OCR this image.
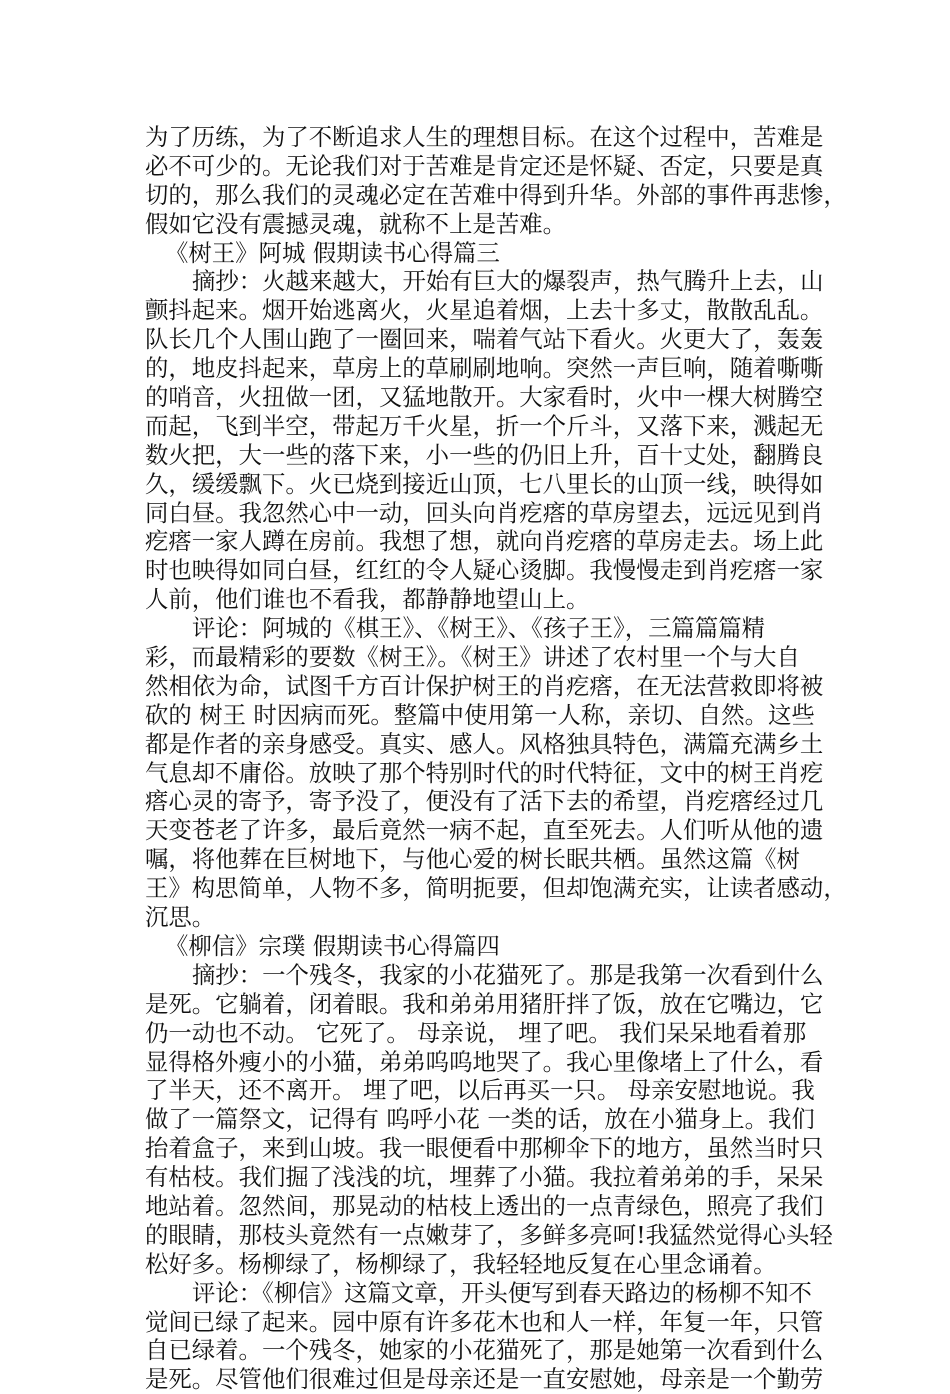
为了历练，为了不断追求人生的理想目标。在这个过程中，苦难是
必不可少的。无论我们对于苦难是肯定还是怀疑、否定，只要是真
切的，那么我们的灵魂必定在苦难中得到升华。外部的事件再悲惨，
假如它没有震撼灵魂，就称不上是苦难。
《树王》阿城 假期读书心得篇三
摘抄：火越来越大，开始有巨大的爆裂声，热气腾升上去，山
颤抖起来。烟开始逃离火，火星追着烟，上去十多丈，散散乱乱。
队长几个人围山跑了一圈回来，喘着气站下看火。火更大了，轰轰
的，地皮抖起来，草房上的草刷刷地响。突然一声巨响，随着嘶嘶
的哨音，火扭做一团，又猛地散开。大家看时，火中一棵大树腾空
而起，飞到半空，带起万千火星，折一个斤斗，又落下来，溅起无
数火把，大一些的落下来，小一些的仍旧上升，百十丈处，翻腾良
久，缓缓飘下。火已烧到接近山顶，七八里长的山顶一线，映得如
同白昼。我忽然心中一动，回头向肖疙瘩的草房望去，远远见到肖
疙瘩一家人蹲在房前。我想了想，就向肖疙瘩的草房走去。场上此
时也映得如同白昼，红红的令人疑心烫脚。我慢慢走到肖疙瘩一家
人前，他们谁也不看我，都静静地望山上。
评论：阿城的《棋王》、《树王》、《孩子王》，三篇篇篇精
彩，而最精彩的要数《树王》。《树王》讲述了农村里一个与大自
然相依为命，试图千方百计保护树王的肖疙瘩，在无法营救即将被
砍的 树王 时因病而死。整篇中使用第一人称，亲切、自然。这些
都是作者的亲身感受。真实、感人。风格独具特色，满篇充满乡土
气息却不庸俗。放映了那个特别时代的时代特征，文中的树王肖疙
瘩心灵的寄予，寄予没了，便没有了活下去的希望，肖疙瘩经过几
天变苍老了许多，最后竟然一病不起，直至死去。人们听从他的遗
嘱，将他葬在巨树地下，与他心爱的树长眠共栖。虽然这篇《树
王》构思简单，人物不多，简明扼要，但却饱满充实，让读者感动，
沉思。
《柳信》宗璞 假期读书心得篇四
摘抄：一个残冬，我家的小花猫死了。那是我第一次看到什么
是死。它躺着，闭着眼。我和弟弟用猪肝拌了饭，放在它嘴边，它
仍一动也不动。 它死了。 母亲说， 埋了吧。 我们呆呆地看着那
显得格外瘦小的小猫，弟弟呜呜地哭了。我心里像堵上了什么，看
了半天，还不离开。 埋了吧，以后再买一只。 母亲安慰地说。我
做了一篇祭文，记得有 呜呼小花 一类的话，放在小猫身上。我们
抬着盒子，来到山坡。我一眼便看中那柳伞下的地方，虽然当时只
有枯枝。我们掘了浅浅的坑，埋葬了小猫。我拉着弟弟的手，呆呆
地站着。忽然间，那晃动的枯枝上透出的一点青绿色，照亮了我们
的眼睛，那枝头竟然有一点嫩芽了，多鲜多亮呵!我猛然觉得心头轻
松好多。杨柳绿了，杨柳绿了，我轻轻地反复在心里念诵着。
评论：《柳信》这篇文章，开头便写到春天路边的杨柳不知不
觉间已绿了起来。园中原有许多花木也和人一样，年复一年，只管
自已绿着。一个残冬，她家的小花猫死了，那是她第一次看到什么
是死。尽管他们很难过但是母亲还是一直安慰她，母亲是一个勤劳
